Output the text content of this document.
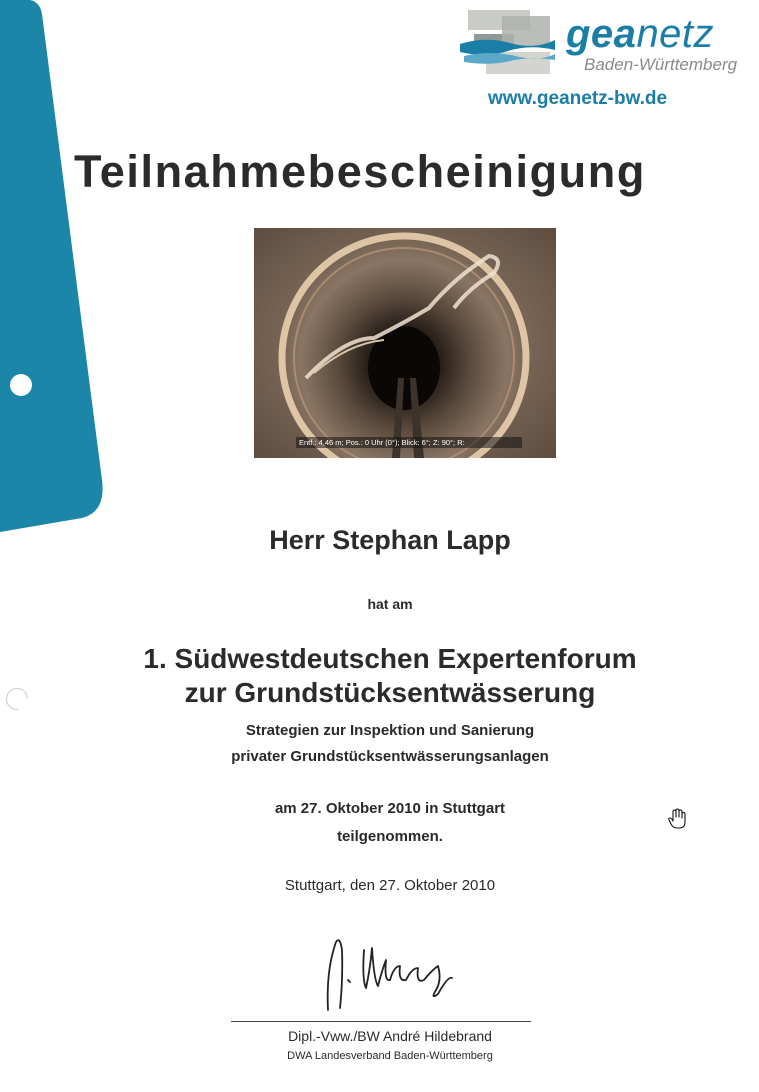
geanetz
Baden-Württemberg
www.geanetz-bw.de
Teilnahmebescheinigung
Entf.: 4,46 m; Pos.: 0 Uhr (0°); Blick: 6°; Z: 90°; R:
Herr Stephan Lapp
hat am
1. Südwestdeutschen Expertenforum
zur Grundstücksentwässerung
Strategien zur Inspektion und Sanierung
privater Grundstücksentwässerungsanlagen
am 27. Oktober 2010 in Stuttgart
teilgenommen.
Stuttgart, den 27. Oktober 2010
Dipl.-Vww./BW André Hildebrand
DWA Landesverband Baden-Württemberg
